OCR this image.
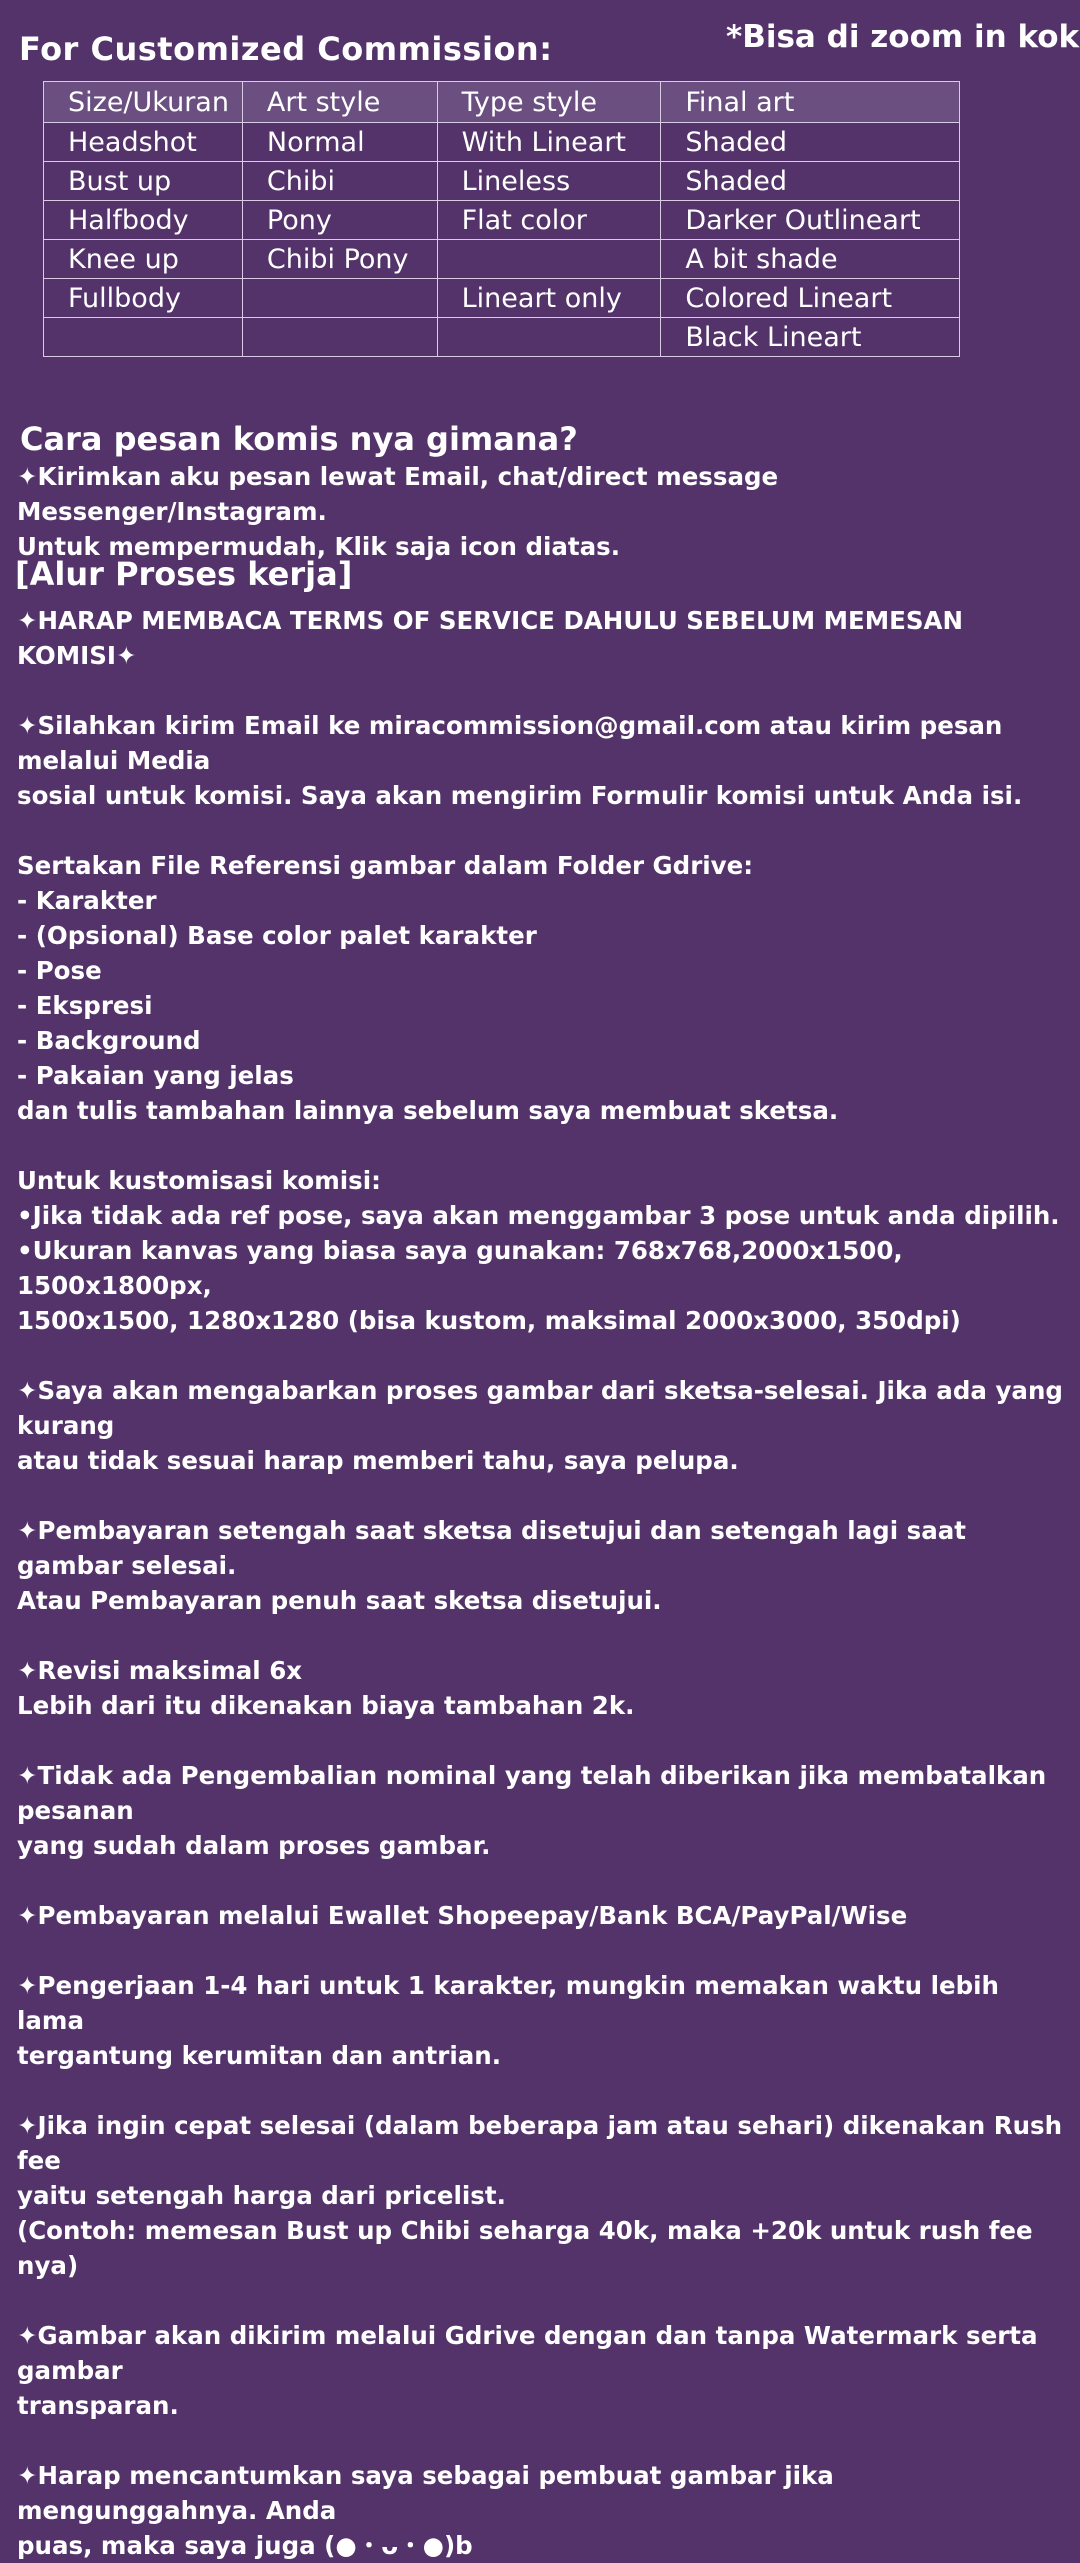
For Customized Commission:	*Bisa di zoom in kok
Size/Ukuran	Art style	Type style	Final art
Headshot	Normal	With Lineart	Shaded
Bust up	Chibi	Lineless	Shaded
Halfbody	Pony	Flat color	Darker Outlineart
Knee up	Chibi Pony		A bit shade
Fullbody		Lineart only	Colored Lineart
			Black Lineart
Cara pesan komis nya gimana?

✦Kirimkan aku pesan lewat Email, chat/direct message Messenger/Instagram.

Untuk mempermudah, Klik saja icon diatas.

[Alur Proses kerja]

✦HARAP MEMBACA TERMS OF SERVICE DAHULU SEBELUM MEMESAN

KOMISI✦

✦Silahkan kirim Email ke miracommission@gmail.com atau kirim pesan melalui Media

sosial untuk komisi. Saya akan mengirim Formulir komisi untuk Anda isi.

Sertakan File Referensi gambar dalam Folder Gdrive:

- Karakter

- (Opsional) Base color palet karakter

- Pose

- Ekspresi

- Background

- Pakaian yang jelas

dan tulis tambahan lainnya sebelum saya membuat sketsa.

Untuk kustomisasi komisi:

•Jika tidak ada ref pose, saya akan menggambar 3 pose untuk anda dipilih.

•Ukuran kanvas yang biasa saya gunakan: 768x768,2000x1500, 1500x1800px,

1500x1500, 1280x1280 (bisa kustom, maksimal 2000x3000, 350dpi)

✦Saya akan mengabarkan proses gambar dari sketsa-selesai. Jika ada yang kurang

atau tidak sesuai harap memberi tahu, saya pelupa.

✦Pembayaran setengah saat sketsa disetujui dan setengah lagi saat gambar selesai.

Atau Pembayaran penuh saat sketsa disetujui.

✦Revisi maksimal 6x

Lebih dari itu dikenakan biaya tambahan 2k.

✦Tidak ada Pengembalian nominal yang telah diberikan jika membatalkan pesanan

yang sudah dalam proses gambar.

✦Pembayaran melalui Ewallet Shopeepay/Bank BCA/PayPal/Wise

✦Pengerjaan 1-4 hari untuk 1 karakter, mungkin memakan waktu lebih lama

tergantung kerumitan dan antrian.

✦Jika ingin cepat selesai (dalam beberapa jam atau sehari) dikenakan Rush fee

yaitu setengah harga dari pricelist.

(Contoh: memesan Bust up Chibi seharga 40k, maka +20k untuk rush fee nya)

✦Gambar akan dikirim melalui Gdrive dengan dan tanpa Watermark serta gambar

transparan.

✦Harap mencantumkan saya sebagai pembuat gambar jika mengunggahnya. Anda

puas, maka saya juga (●・ᴗ・●)b
